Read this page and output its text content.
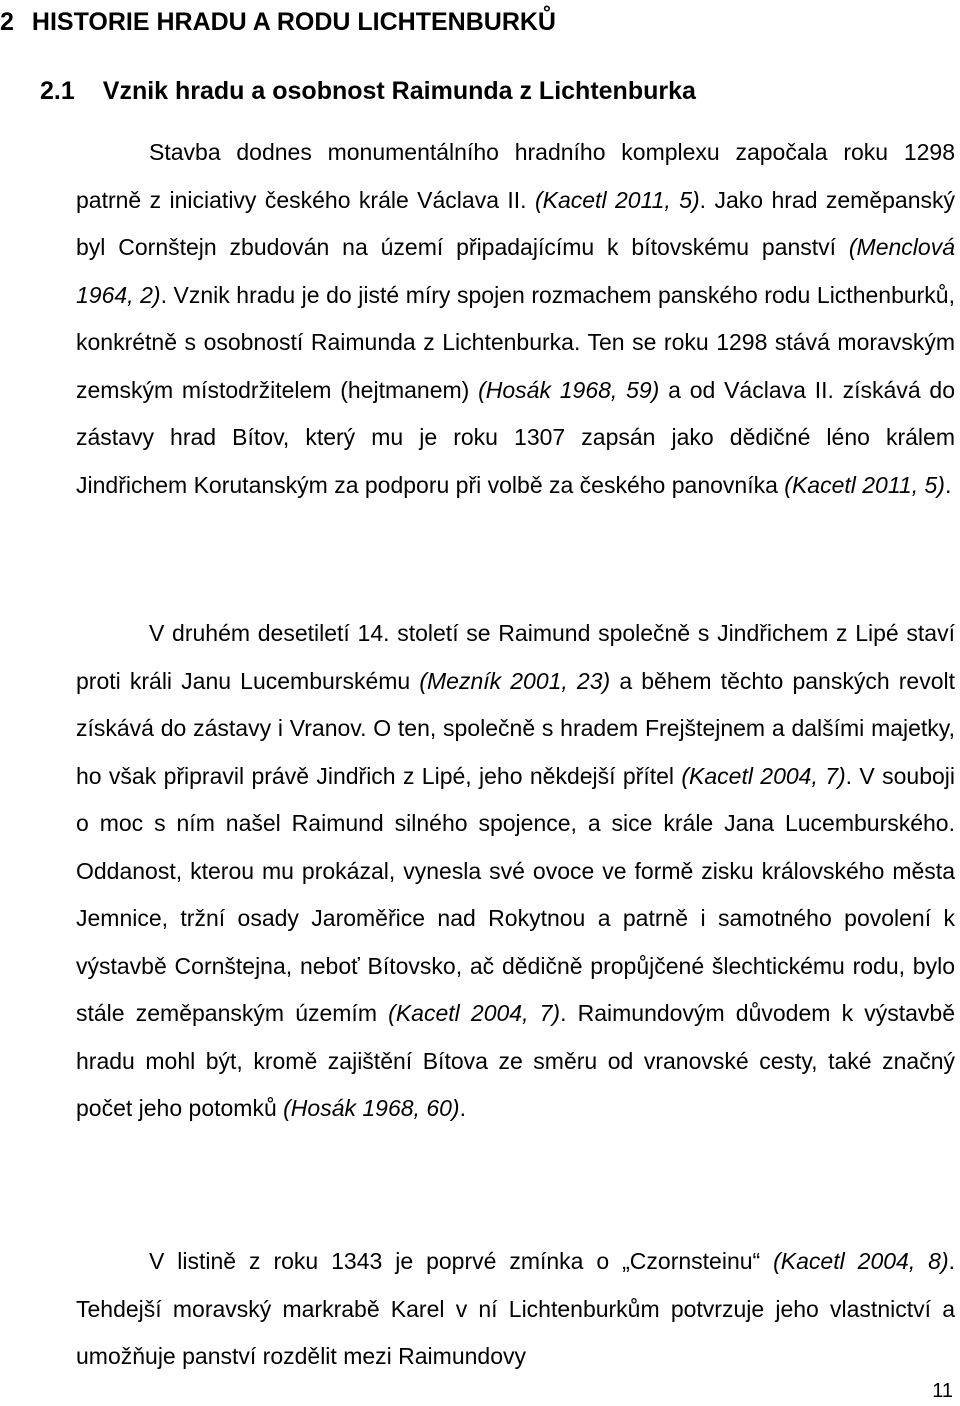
2 HISTORIE HRADU A RODU LICHTENBURKŮ
2.1 Vznik hradu a osobnost Raimunda z Lichtenburka

Stavba dodnes monumentálního hradního komplexu započala roku 1298 patrně z iniciativy českého krále Václava II. (Kacetl 2011, 5). Jako hrad zeměpanský byl Cornštejn zbudován na území připadajícímu k bítovskému panství (Menclová 1964, 2). Vznik hradu je do jisté míry spojen rozmachem panského rodu Licthenburků, konkrétně s osobností Raimunda z Lichtenburka. Ten se roku 1298 stává moravským zemským místodržitelem (hejtmanem) (Hosák 1968, 59) a od Václava II. získává do zástavy hrad Bítov, který mu je roku 1307 zapsán jako dědičné léno králem Jindřichem Korutanským za podporu při volbě za českého panovníka (Kacetl 2011, 5).

V druhém desetiletí 14. století se Raimund společně s Jindřichem z Lipé staví proti králi Janu Lucemburskému (Mezník 2001, 23) a během těchto panských revolt získává do zástavy i Vranov. O ten, společně s hradem Frejštejnem a dalšími majetky, ho však připravil právě Jindřich z Lipé, jeho někdejší přítel (Kacetl 2004, 7). V souboji o moc s ním našel Raimund silného spojence, a sice krále Jana Lucemburského. Oddanost, kterou mu prokázal, vynesla své ovoce ve formě zisku královského města Jemnice, tržní osady Jaroměřice nad Rokytnou a patrně i samotného povolení k výstavbě Cornštejna, neboť Bítovsko, ač dědičně propůjčené šlechtickému rodu, bylo stále zeměpanským územím (Kacetl 2004, 7). Raimundovým důvodem k výstavbě hradu mohl být, kromě zajištění Bítova ze směru od vranovské cesty, také značný počet jeho potomků (Hosák 1968, 60).

V listině z roku 1343 je poprvé zmínka o „Czornsteinu“ (Kacetl 2004, 8). Tehdejší moravský markrabě Karel v ní Lichtenburkům potvrzuje jeho vlastnictví a umožňuje panství rozdělit mezi Raimundovy

11
